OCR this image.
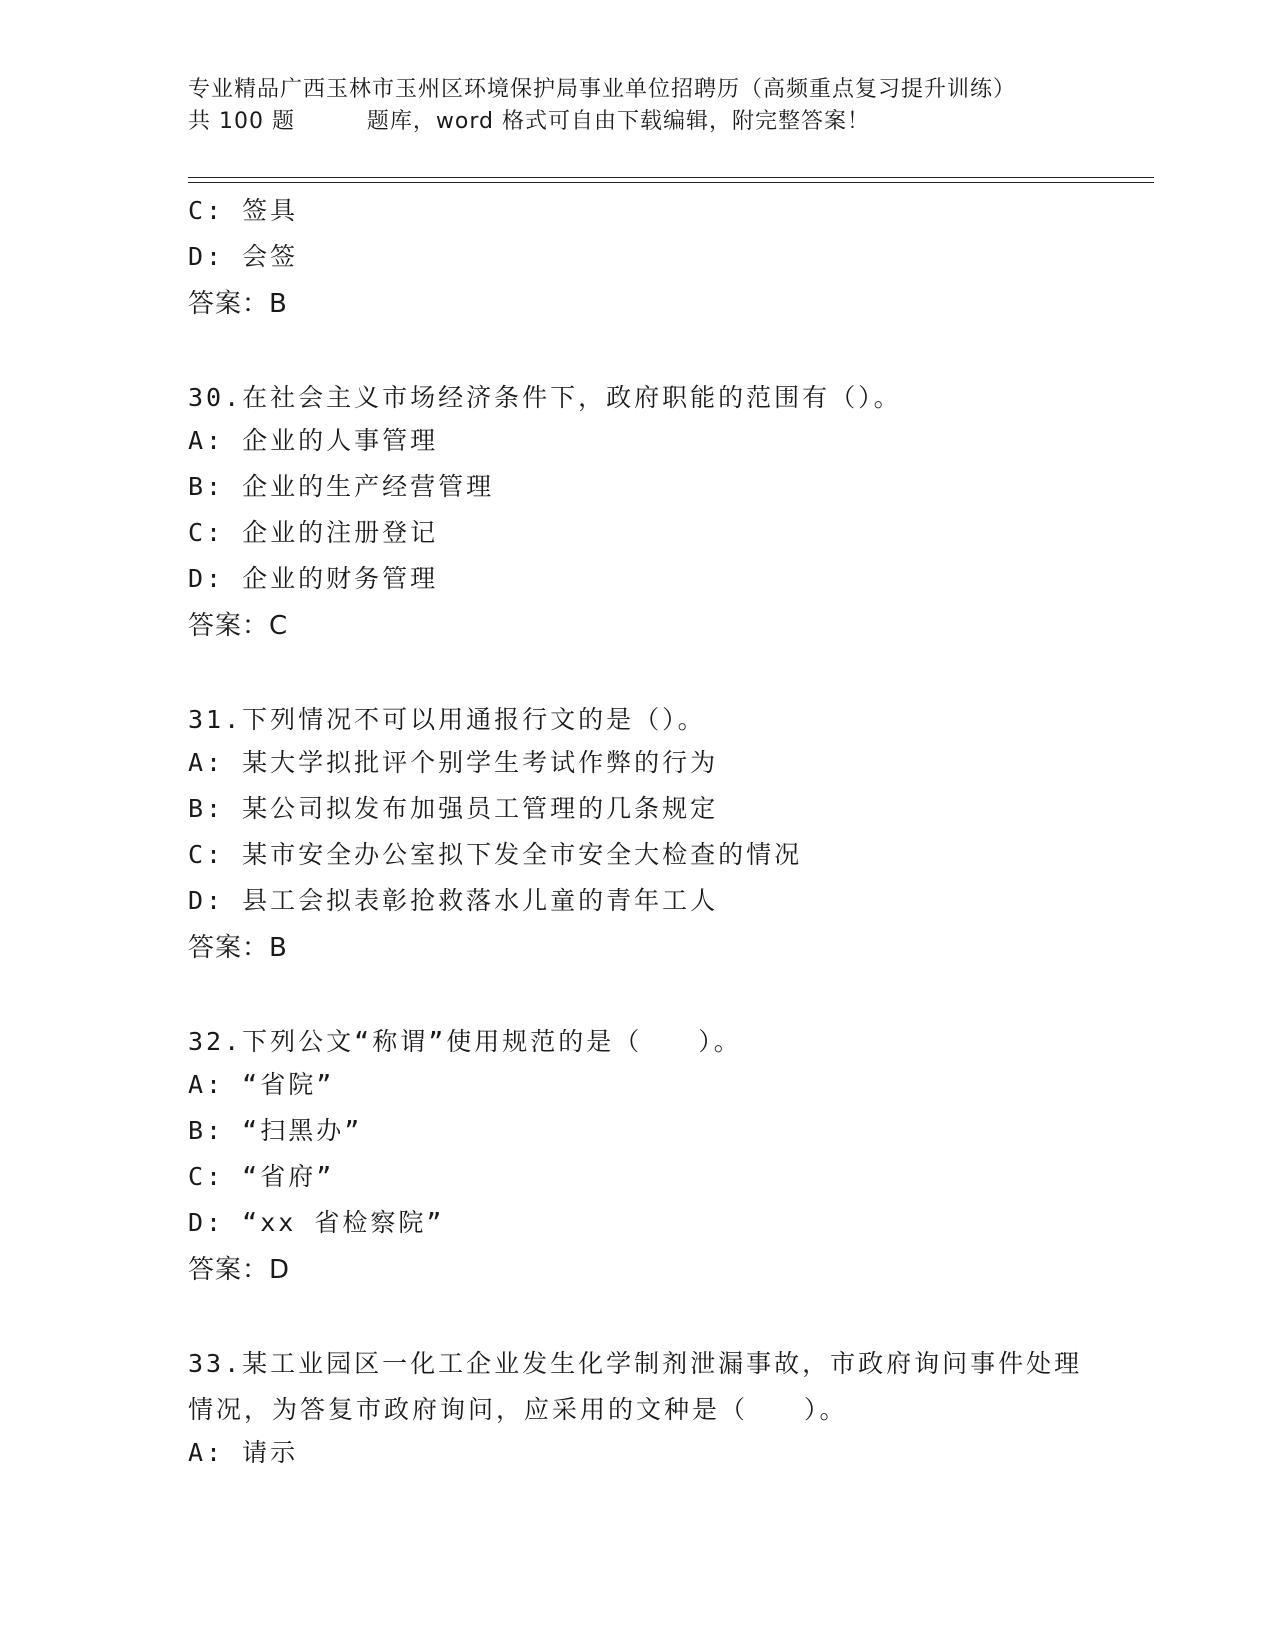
专业精品广西玉林市玉州区环境保护局事业单位招聘历（高频重点复习提升训练）
共 100 题         题库，word 格式可自由下载编辑，附完整答案！
C: 签具
D: 会签
答案：B
30.在社会主义市场经济条件下，政府职能的范围有（）。
A: 企业的人事管理
B: 企业的生产经营管理
C: 企业的注册登记
D: 企业的财务管理
答案：C
31.下列情况不可以用通报行文的是（）。
A: 某大学拟批评个别学生考试作弊的行为
B: 某公司拟发布加强员工管理的几条规定
C: 某市安全办公室拟下发全市安全大检查的情况
D: 县工会拟表彰抢救落水儿童的青年工人
答案：B
32.下列公文“称谓”使用规范的是（　　）。
A: “省院”
B: “扫黑办”
C: “省府”
D: “xx 省检察院”
答案：D
33.某工业园区一化工企业发生化学制剂泄漏事故，市政府询问事件处理情况，为答复市政府询问，应采用的文种是（　　）。
A: 请示
